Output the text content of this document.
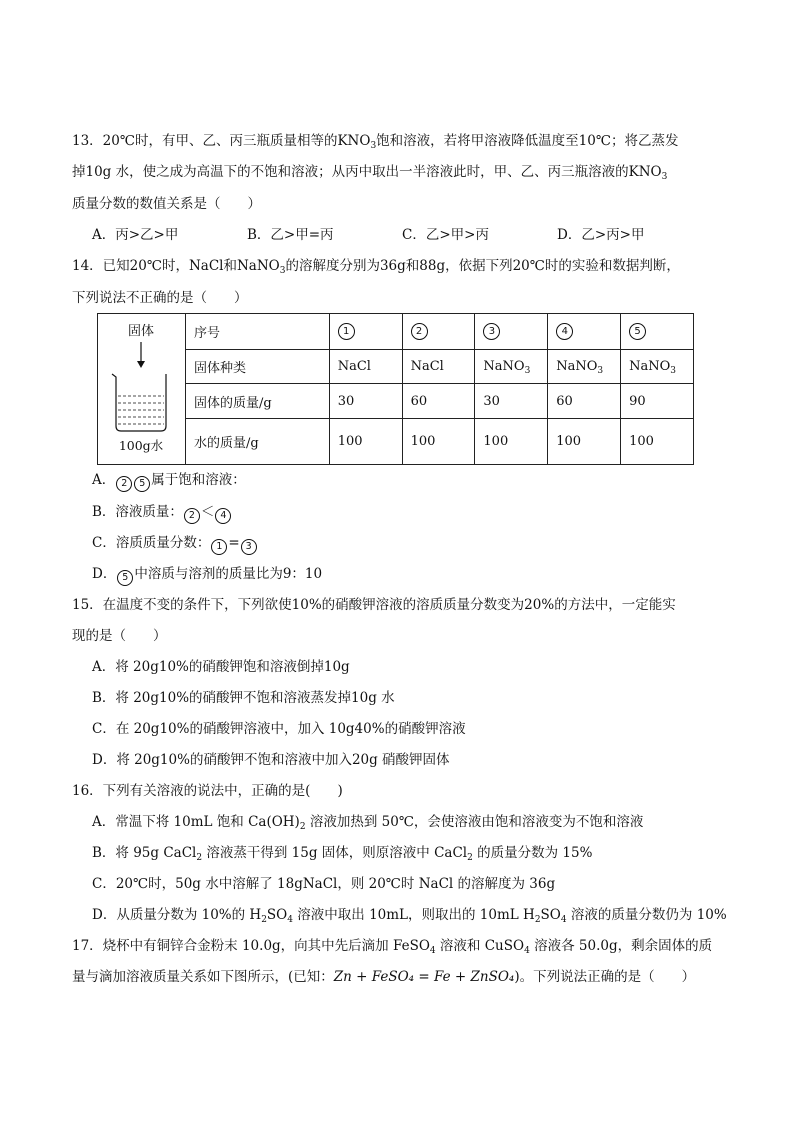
13．20℃时，有甲、乙、丙三瓶质量相等的$KNO_3$饱和溶液，若将甲溶液降低温度至10℃；将乙蒸发
掉10g 水，使之成为高温下的不饱和溶液；从丙中取出一半溶液此时，甲、乙、丙三瓶溶液的$KNO_3$
质量分数的数值关系是（　　）
A．丙>乙>甲	B．乙>甲=丙	C．乙>甲>丙	D．乙>丙>甲
14．已知20℃时，NaCl和NaNO$_3$的溶解度分别为36g和88g，依据下列20℃时的实验和数据判断，
下列说法不正确的是（　　）
固体
100g水	序号	1	2	3	4	5
	固体种类	NaCl	NaCl	NaNO$_3$	NaNO$_3$	NaNO$_3$
	固体的质量/g	30	60	30	60	90
	水的质量/g	100	100	100	100	100
A． 2 5 属于饱和溶液：
B．溶液质量： 2 ＜ 4
C．溶质质量分数： 1 = 3
D． 5 中溶质与溶剂的质量比为9：10
15．在温度不变的条件下，下列欲使10%的硝酸钾溶液的溶质质量分数变为20%的方法中，一定能实
现的是（　　）
A．将 20g10%的硝酸钾饱和溶液倒掉10g
B．将 20g10%的硝酸钾不饱和溶液蒸发掉10g 水
C．在 20g10%的硝酸钾溶液中，加入 10g40%的硝酸钾溶液
D．将 20g10%的硝酸钾不饱和溶液中加入20g 硝酸钾固体
16．下列有关溶液的说法中，正确的是(　　)
A．常温下将 10mL 饱和 $Ca(OH)_2$ 溶液加热到 50℃，会使溶液由饱和溶液变为不饱和溶液
B．将 95g CaCl$_2$ 溶液蒸干得到 15g 固体，则原溶液中 CaCl$_2$ 的质量分数为 15%
C．20℃时，50g 水中溶解了 18gNaCl，则 20℃时 NaCl 的溶解度为 36g
D．从质量分数为 10%的 $H_2SO_4$ 溶液中取出 10mL，则取出的 10mL $H_2SO_4$ 溶液的质量分数仍为 10%
17．烧杯中有铜锌合金粉末 10.0g，向其中先后滴加 FeSO$_4$ 溶液和 CuSO$_4$ 溶液各 50.0g，剩余固体的质
量与滴加溶液质量关系如下图所示，(已知：Zn + FeSO₄ = Fe + ZnSO₄)。下列说法正确的是（　　）
